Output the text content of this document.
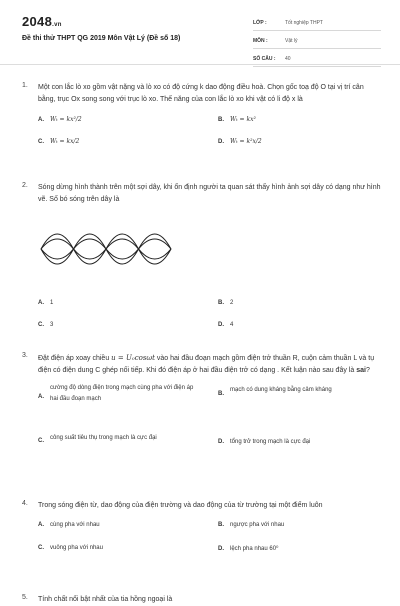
2048.vn
Đề thi thử THPT QG 2019 Môn Vật Lý (Đề số 18)
LỚP :	Tốt nghiệp THPT
MÔN :	Vật lý
SỐ CÂU :	40
1. Một con lắc lò xo gồm vật nặng và lò xo có độ cứng k dao động điều hoà. Chọn gốc toạ độ O tại vị trí cân bằng, trục Ox song song với trục lò xo. Thế năng của con lắc lò xo khi vật có li độ x là
A. Wₜ = kx²/2	B. Wₜ = kx²
C. Wₜ = kx/2	D. Wₜ = k²x/2
2. Sóng dừng hình thành trên một sợi dây, khi ổn định người ta quan sát thấy hình ảnh sợi dây có dạng như hình vẽ. Số bó sóng trên dây là
A. 1	B. 2
C. 3	D. 4
3. Đặt điện áp xoay chiều u = U₀cosωt vào hai đầu đoạn mạch gồm điện trở thuần R, cuộn cảm thuần L và tụ điện có điện dung C ghép nối tiếp. Khi đó điện áp ở hai đầu điện trở có dạng . Kết luận nào sau đây là sai?
A.cường độ dòng điện trong mạch cùng pha với điện áp hai đầu đoạn mạch
B.mạch có dung kháng bằng cảm kháng
C. công suất tiêu thụ trong mạch là cực đại
D. tổng trở trong mạch là cực đại
4. Trong sóng điện từ, dao động của điện trường và dao động của từ trường tại một điểm luôn
A. cùng pha với nhau	B. ngược pha với nhau
C. vuông pha với nhau	D. lệch pha nhau 60⁰
5. Tính chất nổi bật nhất của tia hồng ngoại là
